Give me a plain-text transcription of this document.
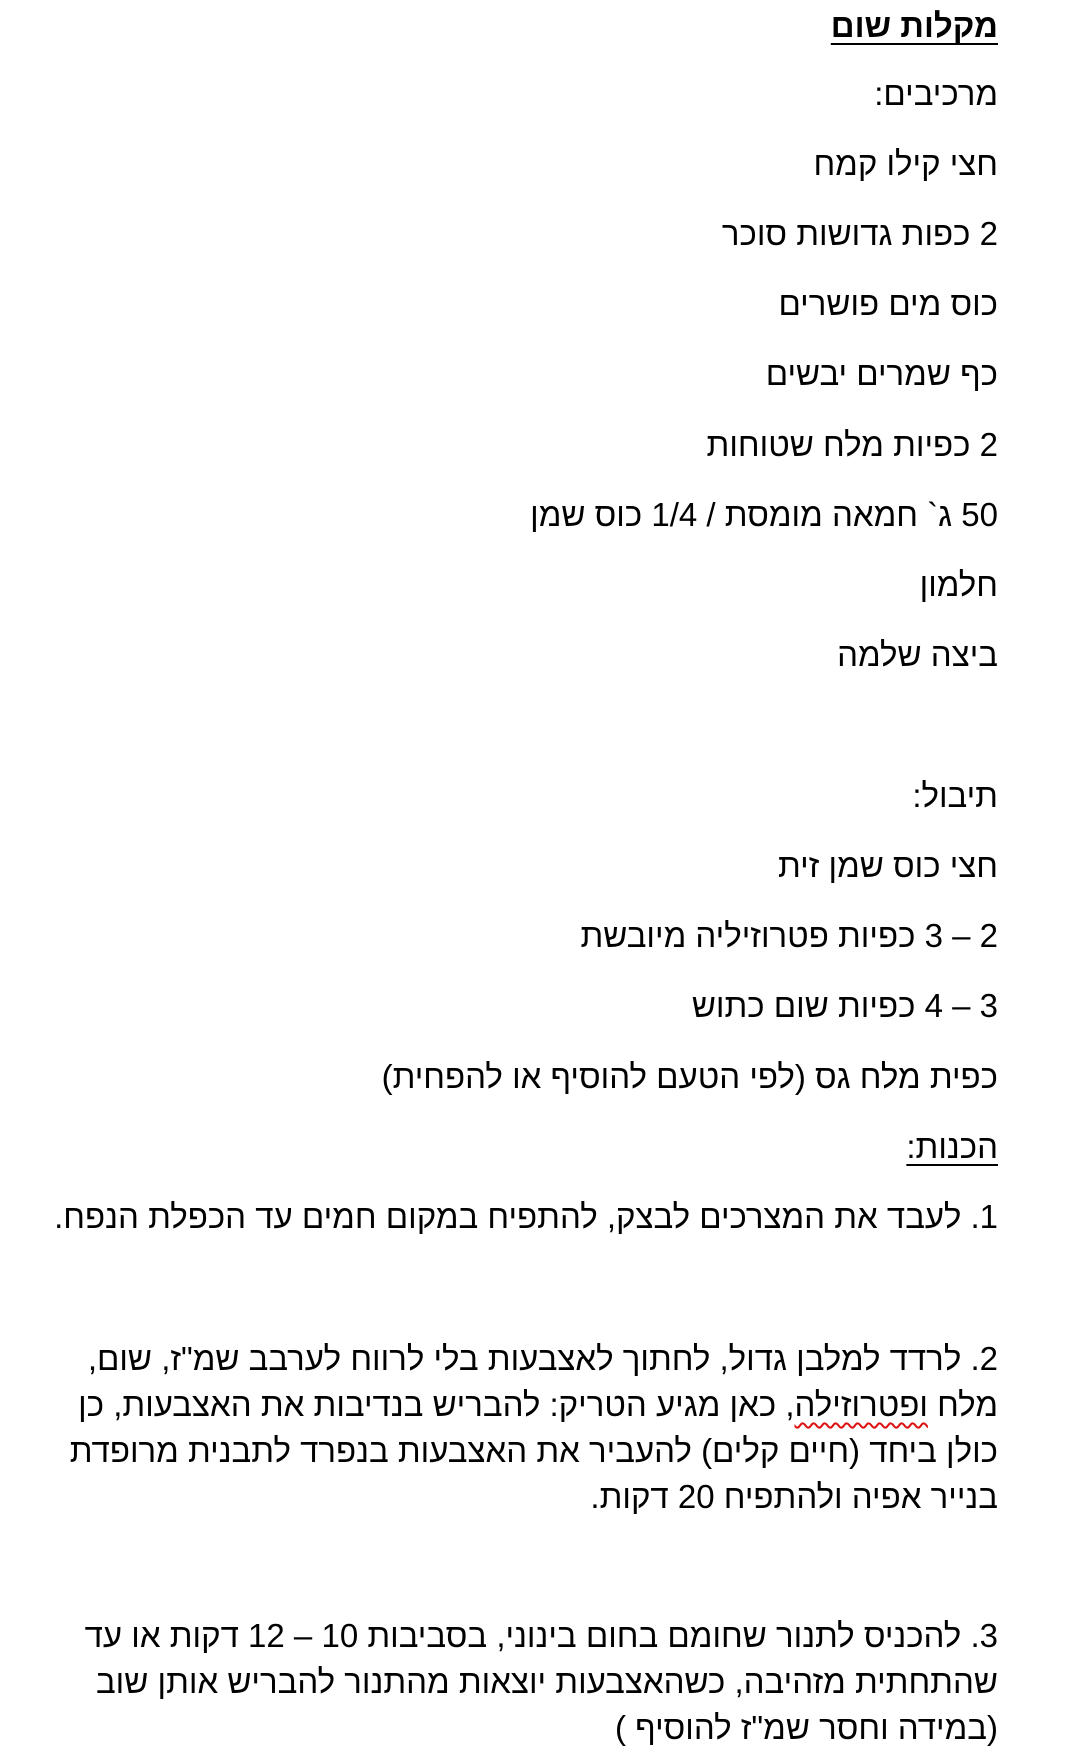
מקלות שום
מרכיבים:
חצי קילו קמח
2 כפות גדושות סוכר
כוס מים פושרים
כף שמרים יבשים
2 כפיות מלח שטוחות
50 ג` חמאה מומסת / 1/4 כוס שמן
חלמון
ביצה שלמה
תיבול:
חצי כוס שמן זית
2 – 3 כפיות פטרוזיליה מיובשת
3 – 4 כפיות שום כתוש
כפית מלח גס (לפי הטעם להוסיף או להפחית)
הכנות:
1. לעבד את המצרכים לבצק, להתפיח במקום חמים עד הכפלת הנפח.

2. לרדד למלבן גדול, לחתוך לאצבעות בלי לרווח לערבב שמ"ז, שום,

מלח ופטרוזילה, כאן מגיע הטריק: להבריש בנדיבות את האצבעות, כן

כולן ביחד (חיים קלים) להעביר את האצבעות בנפרד לתבנית מרופדת

בנייר אפיה ולהתפיח 20 דקות.

3. להכניס לתנור שחומם בחום בינוני, בסביבות 10 – 12 דקות או עד

שהתחתית מזהיבה, כשהאצבעות יוצאות מהתנור להבריש אותן שוב

(במידה וחסר שמ"ז להוסיף )
